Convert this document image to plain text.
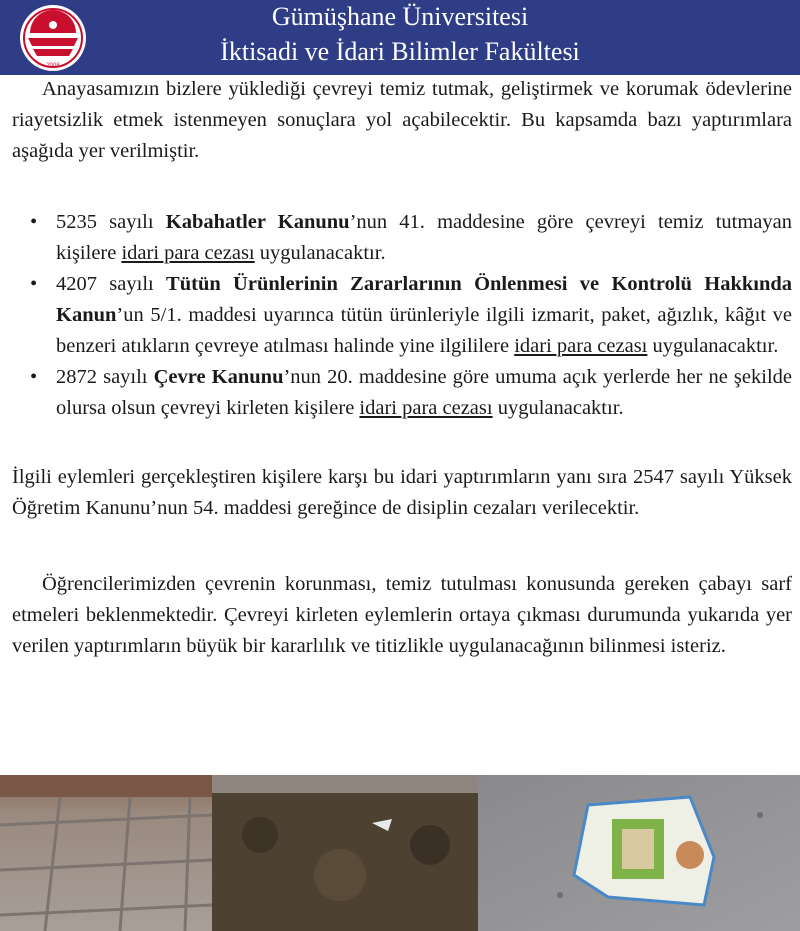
2008
Gümüşhane Üniversitesi
İktisadi ve İdari Bilimler Fakültesi

Anayasamızın bizlere yüklediği çevreyi temiz tutmak, geliştirmek ve korumak ödevlerine riayetsizlik etmek istenmeyen sonuçlara yol açabilecektir. Bu kapsamda bazı yaptırımlara aşağıda yer verilmiştir.

• 5235 sayılı Kabahatler Kanunu’nun 41. maddesine göre çevreyi temiz tutmayan kişilere idari para cezası uygulanacaktır.
• 4207 sayılı Tütün Ürünlerinin Zararlarının Önlenmesi ve Kontrolü Hakkında Kanun’un 5/1. maddesi uyarınca tütün ürünleriyle ilgili izmarit, paket, ağızlık, kâğıt ve benzeri atıkların çevreye atılması halinde yine ilgililere idari para cezası uygulanacaktır.
• 2872 sayılı Çevre Kanunu’nun 20. maddesine göre umuma açık yerlerde her ne şekilde olursa olsun çevreyi kirleten kişilere idari para cezası uygulanacaktır.

İlgili eylemleri gerçekleştiren kişilere karşı bu idari yaptırımların yanı sıra 2547 sayılı Yüksek Öğretim Kanunu’nun 54. maddesi gereğince de disiplin cezaları verilecektir.

Öğrencilerimizden çevrenin korunması, temiz tutulması konusunda gereken çabayı sarf etmeleri beklenmektedir. Çevreyi kirleten eylemlerin ortaya çıkması durumunda yukarıda yer verilen yaptırımların büyük bir kararlılık ve titizlikle uygulanacağının bilinmesi isteriz.
